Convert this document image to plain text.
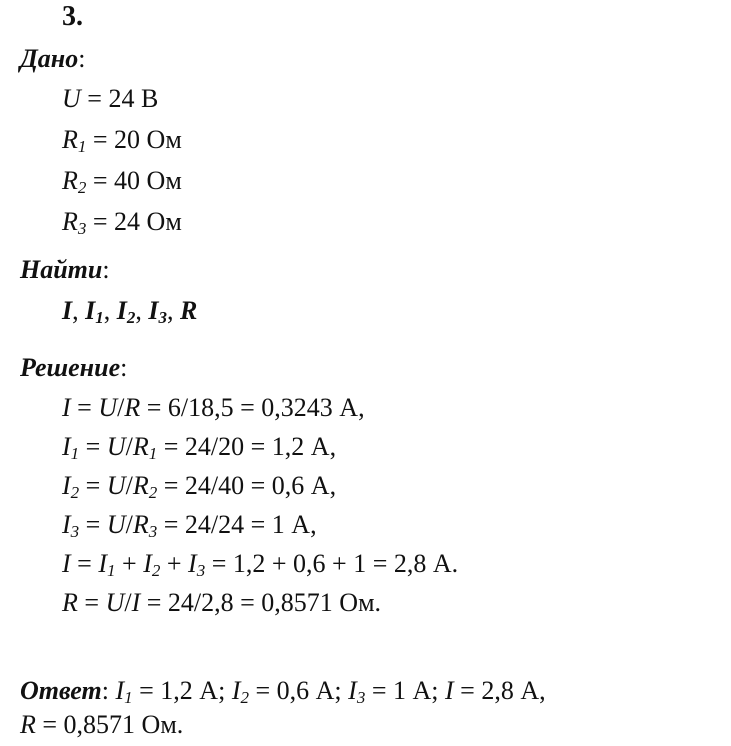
3.
Дано:
U = 24 В
$R_1 = 20$ Ом
$R_2 = 40$ Ом
$R_3 = 24$ Ом
Найти:
I, $I_1$, $I_2$, $I_3$, R
Решение:
I = U/R = 6/18,5 = 0,3243 А,
$I_1 = U/R_1 = 24/20 = 1,2$ А,
$I_2 = U/R_2 = 24/40 = 0,6$ А,
$I_3 = U/R_3 = 24/24 = 1$ А,
$I = I_1 + I_2 + I_3 = 1,2 + 0,6 + 1 = 2,8$ А.
R = U/I = 24/2,8 = 0,8571 Ом.
Ответ: $I_1 = 1,2$ А; $I_2 = 0,6$ А; $I_3 = 1$ А; I = 2,8 А,
R = 0,8571 Ом.
